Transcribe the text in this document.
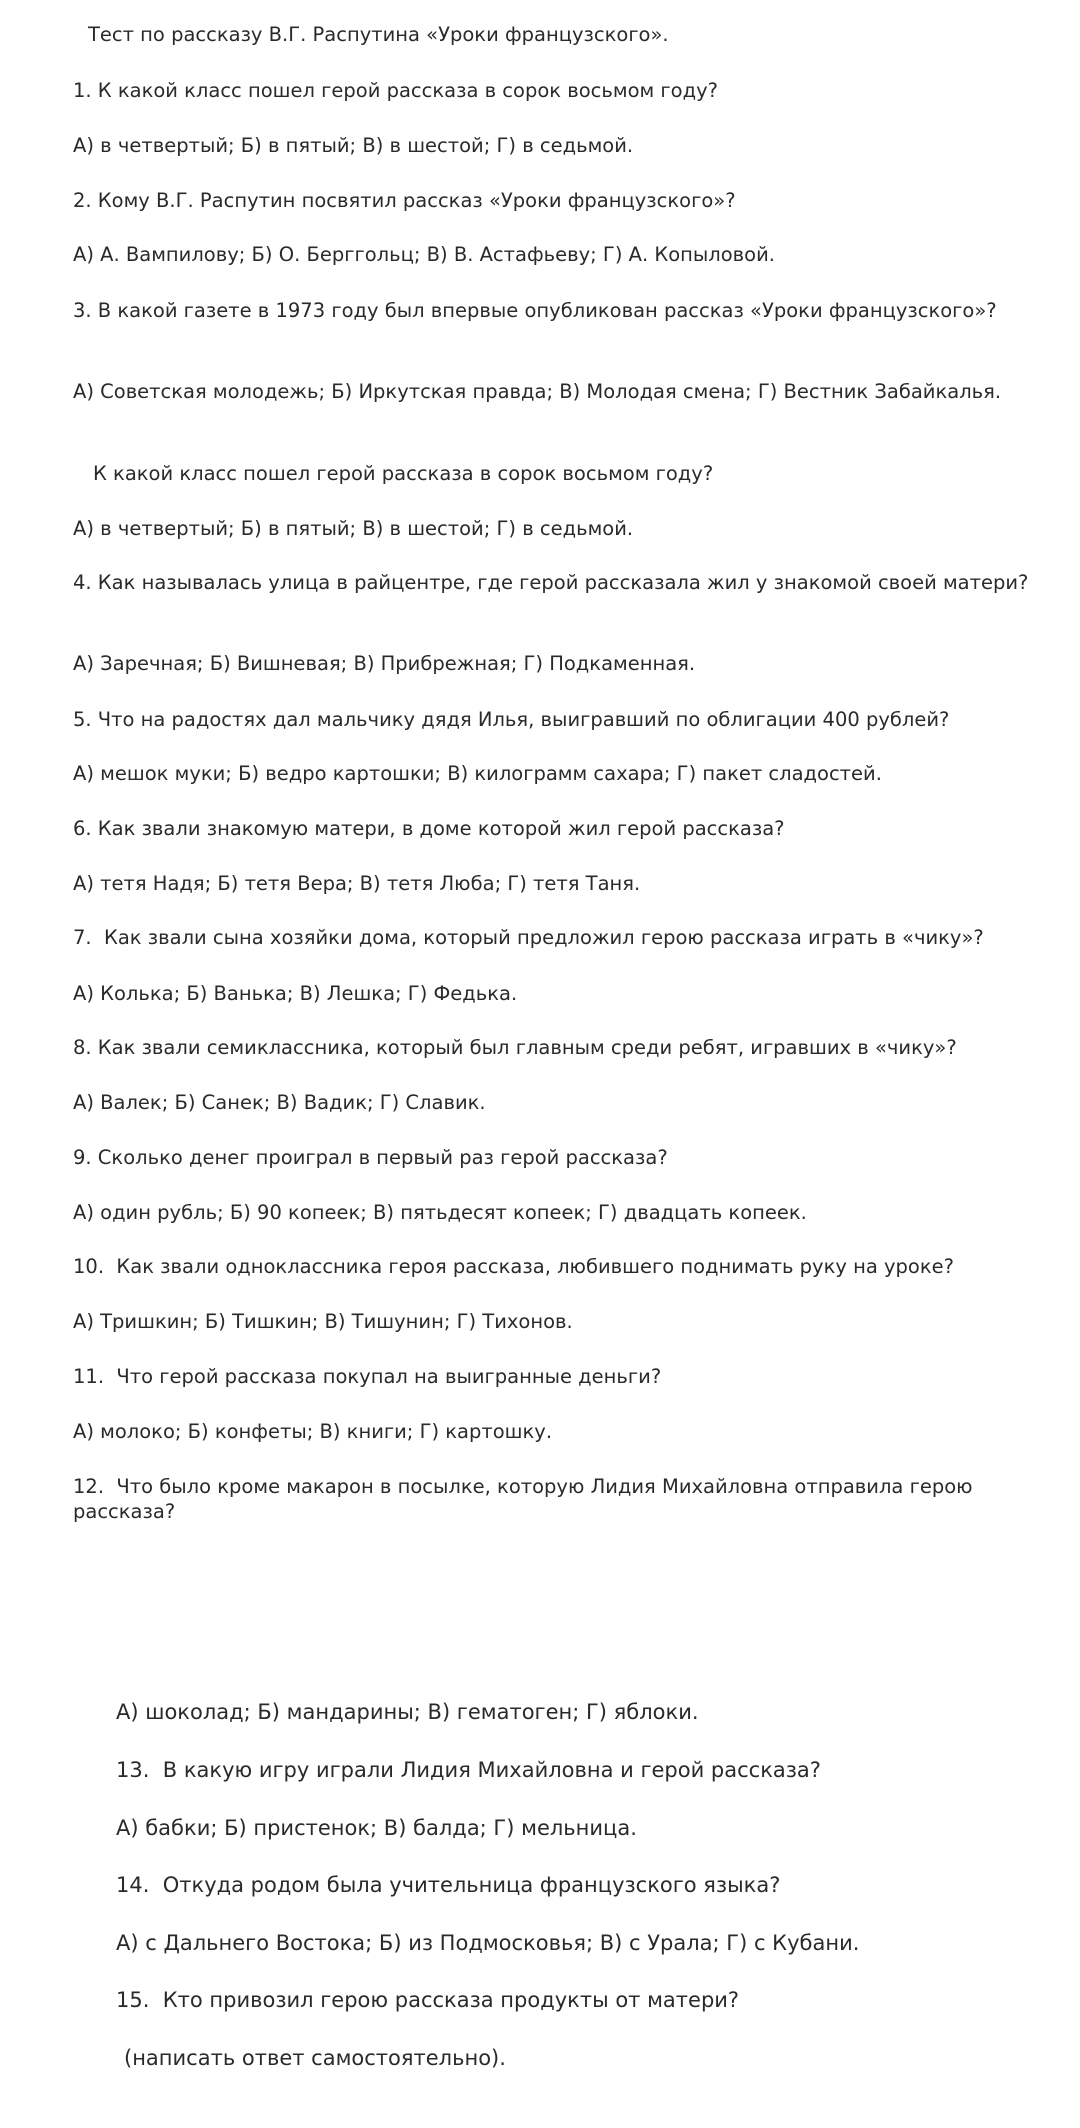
Тест по рассказу В.Г. Распутина «Уроки французского».

1.	К какой класс пошел герой рассказа в сорок восьмом году?

А) в четвертый; Б) в пятый; В) в шестой; Г) в седьмой.

2.	Кому В.Г. Распутин посвятил рассказ «Уроки французского»?

А) А. Вампилову; Б) О. Берггольц; В) В. Астафьеву; Г) А. Копыловой.

3. В какой газете в 1973 году был впервые опубликован рассказ «Уроки французского»?

А) Советская молодежь; Б) Иркутская правда; В) Молодая смена; Г) Вестник Забайкалья.

К какой класс пошел герой рассказа в сорок восьмом году?

А) в четвертый; Б) в пятый; В) в шестой; Г) в седьмой.

4.	Как называлась улица в райцентре, где герой рассказала жил у знакомой своей матери?

А) Заречная; Б) Вишневая; В) Прибрежная; Г) Подкаменная.

5.	Что на радостях дал мальчику дядя Илья, выигравший по облигации 400 рублей?

А) мешок муки; Б) ведро картошки; В) килограмм сахара; Г) пакет сладостей.

6.	Как звали знакомую матери, в доме которой жил герой рассказа?

А) тетя Надя; Б) тетя Вера; В) тетя Люба; Г) тетя Таня.

7.  Как звали сына хозяйки дома, который предложил герою рассказа играть в «чику»?

А) Колька; Б) Ванька; В) Лешка; Г) Федька.

8.	Как звали семиклассника, который был главным среди ребят, игравших в «чику»?

А) Валек; Б) Санек; В) Вадик; Г) Славик.

9.	Сколько денег проиграл в первый раз герой рассказа?

А) один рубль; Б) 90 копеек; В) пятьдесят копеек; Г) двадцать копеек.

10.  Как звали одноклассника героя рассказа, любившего поднимать руку на уроке?

А) Тришкин; Б) Тишкин; В) Тишунин; Г) Тихонов.

11.  Что герой рассказа покупал на выигранные деньги?

А) молоко; Б) конфеты; В) книги; Г) картошку.

12.  Что было кроме макарон в посылке, которую Лидия Михайловна отправила герою рассказа?

А) шоколад; Б) мандарины; В) гематоген; Г) яблоки.

13.  В какую игру играли Лидия Михайловна и герой рассказа?

А) бабки; Б) пристенок; В) балда; Г) мельница.

14.  Откуда родом была учительница французского языка?

А) с Дальнего Востока; Б) из Подмосковья; В) с Урала; Г) с Кубани.

15.  Кто привозил герою рассказа продукты от матери?

(написать ответ самостоятельно).
